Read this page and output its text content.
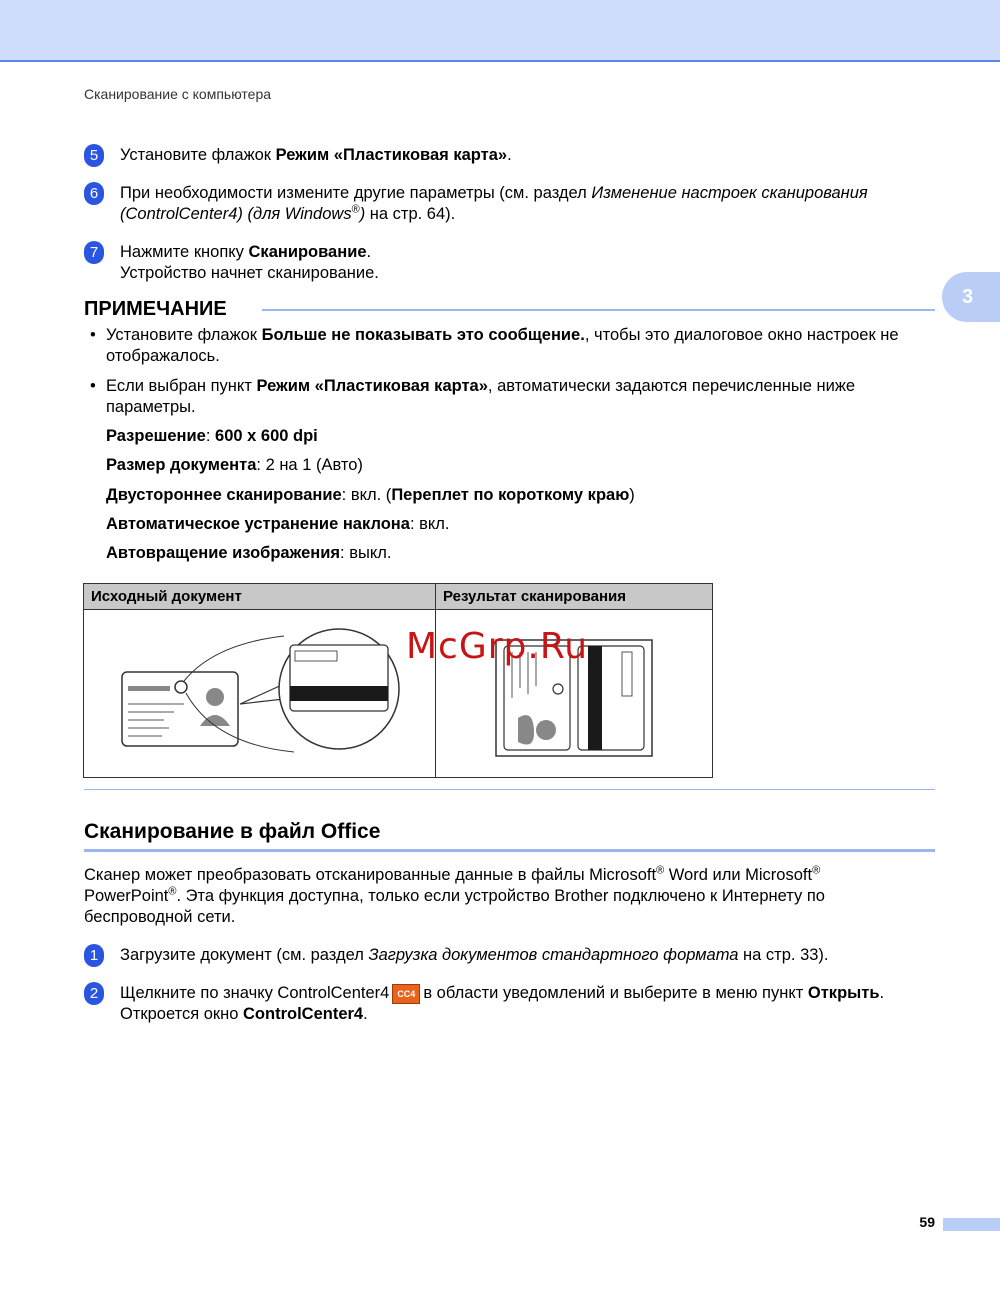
Сканирование с компьютера
3
5	Установите флажок Режим «Пластиковая карта».
6	При необходимости измените другие параметры (см. раздел Изменение настроек сканирования (ControlCenter4) (для Windows®) на стр. 64).
7	Нажмите кнопку Сканирование.
Устройство начнет сканирование.
ПРИМЕЧАНИЕ
• Установите флажок Больше не показывать это сообщение., чтобы это диалоговое окно настроек не отображалось.
• Если выбран пункт Режим «Пластиковая карта», автоматически задаются перечисленные ниже параметры.
Разрешение: 600 x 600 dpi
Размер документа: 2 на 1 (Авто)
Двустороннее сканирование: вкл. (Переплет по короткому краю)
Автоматическое устранение наклона: вкл.
Автовращение изображения: выкл.
Исходный документ	Результат сканирования
McGrp.Ru
Сканирование в файл Office
Сканер может преобразовать отсканированные данные в файлы Microsoft® Word или Microsoft®
PowerPoint®. Эта функция доступна, только если устройство Brother подключено к Интернету по беспроводной сети.
1	Загрузите документ (см. раздел Загрузка документов стандартного формата на стр. 33).
2	Щелкните по значку ControlCenter4 CC4 в области уведомлений и выберите в меню пункт Открыть.
Откроется окно ControlCenter4.
59
